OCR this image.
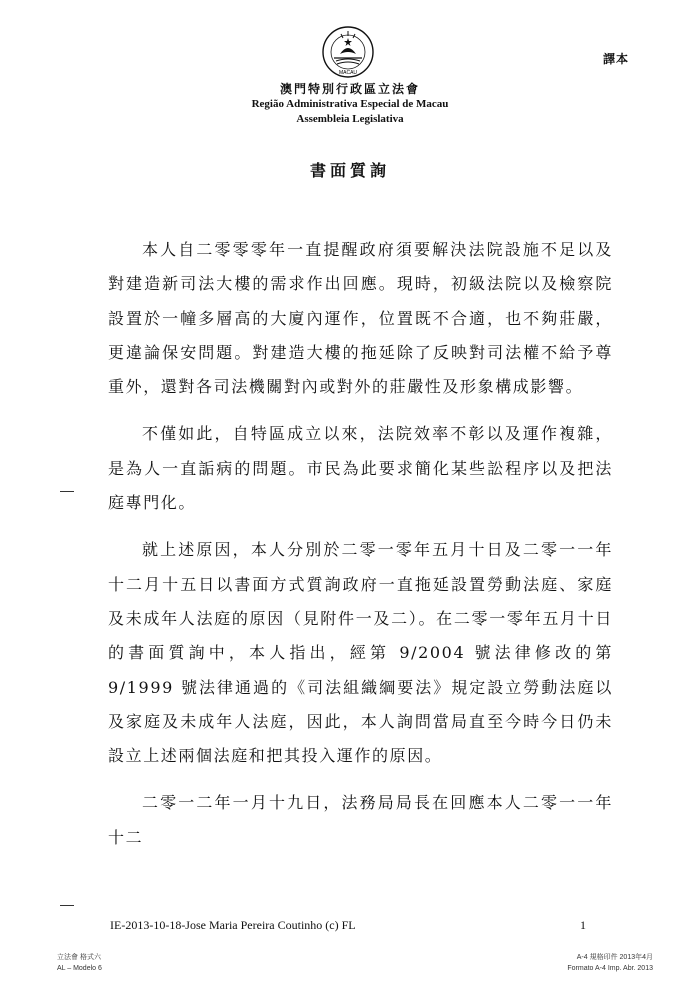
MACAU
譯本
澳門特別行政區立法會
Região Administrativa Especial de Macau
Assembleia Legislativa
書面質詢

本人自二零零零年一直提醒政府須要解決法院設施不足以及對建造新司法大樓的需求作出回應。現時，初級法院以及檢察院設置於一幢多層高的大廈內運作，位置既不合適，也不夠莊嚴，更違論保安問題。對建造大樓的拖延除了反映對司法權不給予尊重外，還對各司法機關對內或對外的莊嚴性及形象構成影響。

不僅如此，自特區成立以來，法院效率不彰以及運作複雜，是為人一直詬病的問題。市民為此要求簡化某些訟程序以及把法庭專門化。

就上述原因，本人分別於二零一零年五月十日及二零一一年十二月十五日以書面方式質詢政府一直拖延設置勞動法庭、家庭及未成年人法庭的原因（見附件一及二）。在二零一零年五月十日的書面質詢中，本人指出，經第 9/2004 號法律修改的第 9/1999 號法律通過的《司法組織綱要法》規定設立勞動法庭以及家庭及未成年人法庭，因此，本人詢問當局直至今時今日仍未設立上述兩個法庭和把其投入運作的原因。

二零一二年一月十九日，法務局局長在回應本人二零一一年十二

IE-2013-10-18-Jose Maria Pereira Coutinho (c) FL	1
立法會 格式六
AL – Modelo 6
A-4 規格印件 2013年4月
Formato A-4 Imp. Abr. 2013
